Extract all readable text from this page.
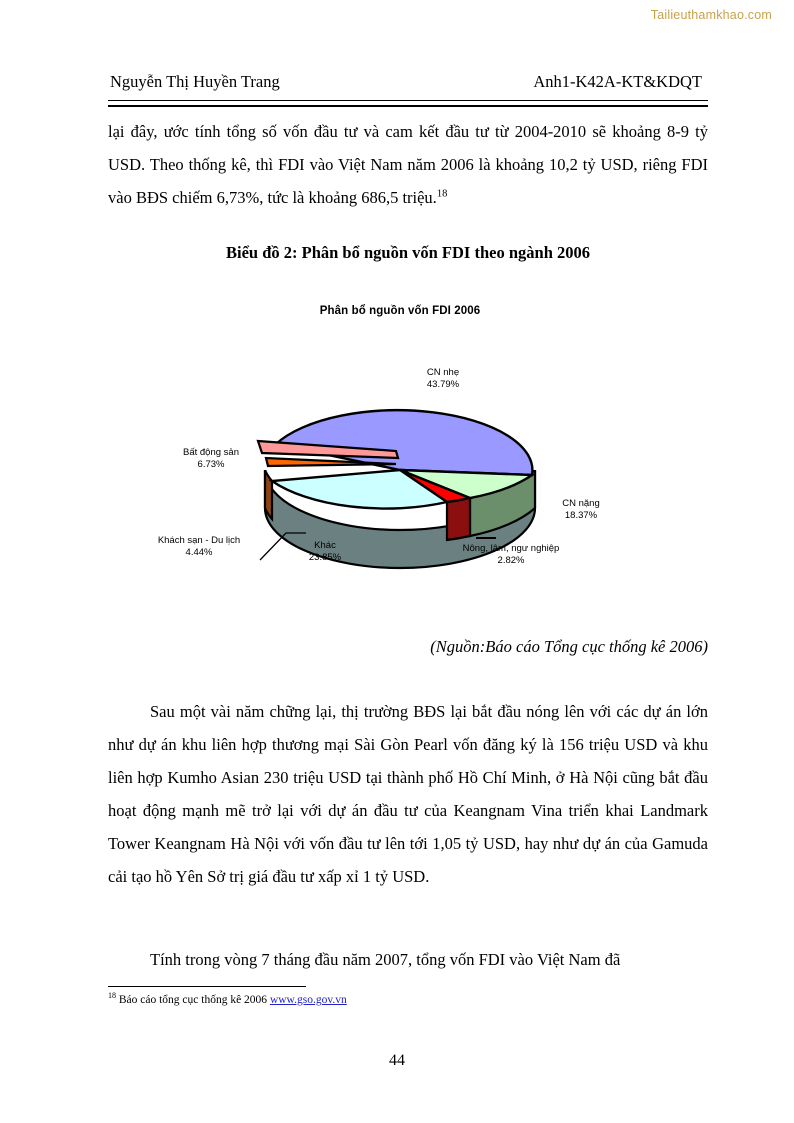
Tailieuthamkhao.com
Nguyễn Thị Huyền Trang	Anh1-K42A-KT&KDQT
lại đây, ước tính tổng số vốn đầu tư và cam kết đầu tư từ 2004-2010 sẽ khoảng 8-9 tỷ USD. Theo thống kê, thì FDI vào Việt Nam năm 2006 là khoảng 10,2 tỷ USD, riêng FDI vào BĐS chiếm 6,73%, tức là khoảng 686,5 triệu.$^{18}$
Biểu đồ 2: Phân bổ nguồn vốn FDI theo ngành 2006
Phân bổ nguồn vốn FDI 2006
CN nhẹ
43.79%
Bất động sản
6.73%
Khách sạn - Du lịch
4.44%
Khác
23.85%
Nông, lâm, ngư nghiệp
2.82%
CN nặng
18.37%
(Nguồn:Báo cáo Tổng cục thống kê 2006)
Sau một vài năm chững lại, thị trường BĐS lại bắt đầu nóng lên với các dự án lớn như dự án khu liên hợp thương mại Sài Gòn Pearl vốn đăng ký là 156 triệu USD và khu liên hợp Kumho Asian 230 triệu USD tại thành phố Hồ Chí Minh, ở Hà Nội cũng bắt đầu hoạt động mạnh mẽ trở lại với dự án đầu tư của Keangnam Vina triển khai Landmark Tower Keangnam Hà Nội với vốn đầu tư lên tới 1,05 tỷ USD, hay như dự án của Gamuda cải tạo hồ Yên Sở trị giá đầu tư xấp xỉ 1 tỷ USD.
Tính trong vòng 7 tháng đầu năm 2007, tổng vốn FDI vào Việt Nam đã
$^{18}$ Báo cáo tổng cục thống kê 2006 www.gso.gov.vn
44
